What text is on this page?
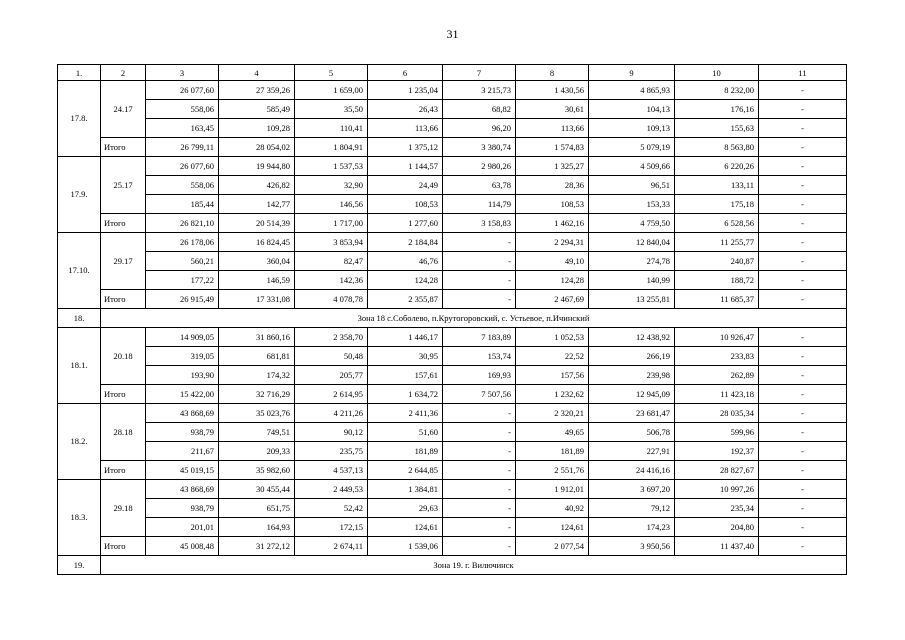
31
1.	2	3	4	5	6	7	8	9	10	11
17.8.	24.17	26 077,60	27 359,26	1 659,00	1 235,04	3 215,73	1 430,56	4 865,93	8 232,00	-
		558,06	585,49	35,50	26,43	68,82	30,61	104,13	176,16	-
		163,45	109,28	110,41	113,66	96,20	113,66	109,13	155,63	-
	Итого	26 799,11	28 054,02	1 804,91	1 375,12	3 380,74	1 574,83	5 079,19	8 563,80	-
17.9.	25.17	26 077,60	19 944,80	1 537,53	1 144,57	2 980,26	1 325,27	4 509,66	6 220,26	-
		558,06	426,82	32,90	24,49	63,78	28,36	96,51	133,11	-
		185,44	142,77	146,56	108,53	114,79	108,53	153,33	175,18	-
	Итого	26 821,10	20 514,39	1 717,00	1 277,60	3 158,83	1 462,16	4 759,50	6 528,56	-
17.10.	29.17	26 178,06	16 824,45	3 853,94	2 184,84	-	2 294,31	12 840,04	11 255,77	-
		560,21	360,04	82,47	46,76	-	49,10	274,78	240,87	-
		177,22	146,59	142,36	124,28	-	124,28	140,99	188,72	-
	Итого	26 915,49	17 331,08	4 078,78	2 355,87	-	2 467,69	13 255,81	11 685,37	-
18.	Зона 18 с.Соболево, п.Крутогоровский, с. Устьевое, п.Ичинский									
18.1.	20.18	14 909,05	31 860,16	2 358,70	1 446,17	7 183,89	1 052,53	12 438,92	10 926,47	-
		319,05	681,81	50,48	30,95	153,74	22,52	266,19	233,83	-
		193,90	174,32	205,77	157,61	169,93	157,56	239,98	262,89	-
	Итого	15 422,00	32 716,29	2 614,95	1 634,72	7 507,56	1 232,62	12 945,09	11 423,18	-
18.2.	28.18	43 868,69	35 023,76	4 211,26	2 411,36	-	2 320,21	23 681,47	28 035,34	-
		938,79	749,51	90,12	51,60	-	49,65	506,78	599,96	-
		211,67	209,33	235,75	181,89	-	181,89	227,91	192,37	-
	Итого	45 019,15	35 982,60	4 537,13	2 644,85	-	2 551,76	24 416,16	28 827,67	-
18.3.	29.18	43 868,69	30 455,44	2 449,53	1 384,81	-	1 912,01	3 697,20	10 997,26	-
		938,79	651,75	52,42	29,63	-	40,92	79,12	235,34	-
		201,01	164,93	172,15	124,61	-	124,61	174,23	204,80	-
	Итого	45 008,48	31 272,12	2 674,11	1 539,06	-	2 077,54	3 950,56	11 437,40	-
19.	Зона 19. г. Вилючинск									
